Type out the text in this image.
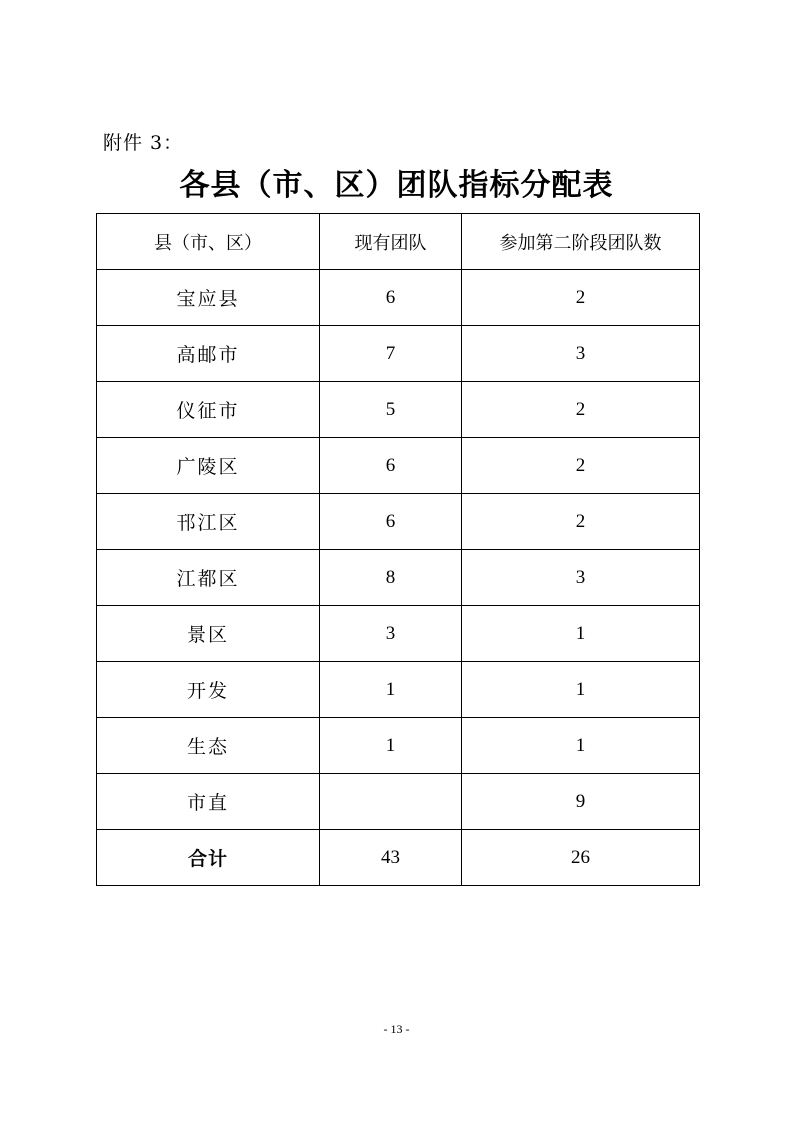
附件 3：
各县（市、区）团队指标分配表
县（市、区）	现有团队	参加第二阶段团队数
宝应县	6	2
高邮市	7	3
仪征市	5	2
广陵区	6	2
邗江区	6	2
江都区	8	3
景区	3	1
开发	1	1
生态	1	1
市直		9
合计	43	26
- 13 -
